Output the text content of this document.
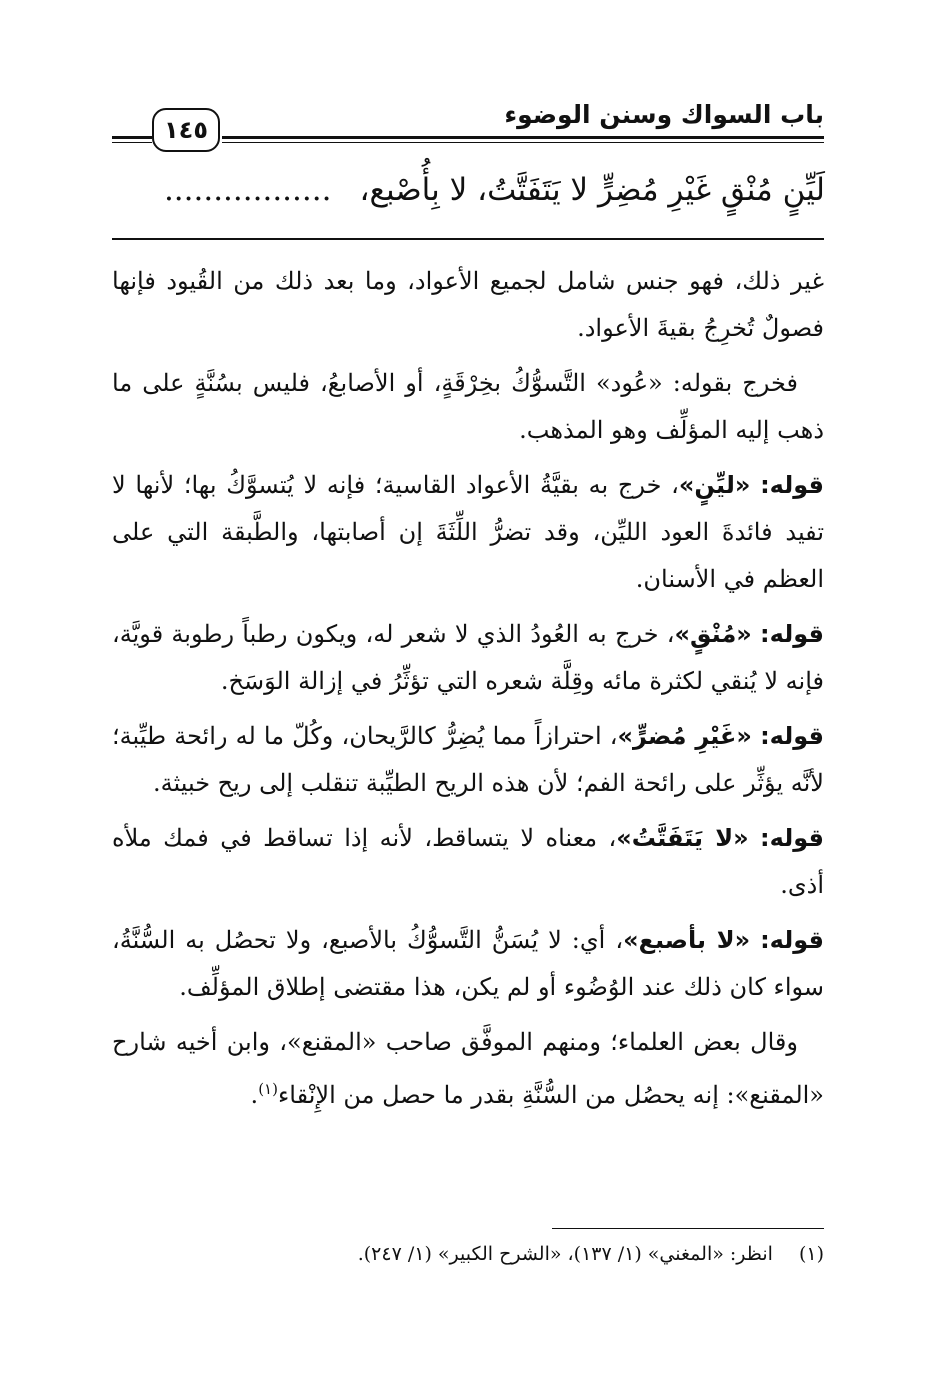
باب السواك وسنن الوضوء
١٤٥
لَيِّنٍ مُنْقٍ غَيْرِ مُضِرٍّ لا يَتَفَتَّتُ، لا بِأُصْبع،.................

غير ذلك، فهو جنس شامل لجميع الأعواد، وما بعد ذلك من القُيود فإنها فصولٌ تُخرِجُ بقيةَ الأعواد.

فخرج بقوله: «عُود» التَّسوُّكُ بخِرْقَةٍ، أو الأصابعُ، فليس بسُنَّةٍ على ما ذهب إليه المؤلِّف وهو المذهب.

قوله: «ليِّنٍ»، خرج به بقيَّةُ الأعواد القاسية؛ فإنه لا يُتسوَّكُ بها؛ لأنها لا تفيد فائدةَ العود الليِّن، وقد تضرُّ اللِّثَةَ إن أصابتها، والطَّبقة التي على العظم في الأسنان.

قوله: «مُنْقٍ»، خرج به العُودُ الذي لا شعر له، ويكون رطباً رطوبة قويَّة، فإنه لا يُنقي لكثرة مائه وقِلَّة شعره التي تؤثِّرُ في إزالة الوَسَخ.

قوله: «غَيْرِ مُضرٍّ»، احترازاً مما يُضِرُّ كالرَّيحان، وكُلّ ما له رائحة طيِّبة؛ لأنَّه يؤثِّر على رائحة الفم؛ لأن هذه الريح الطيِّبة تنقلب إلى ريح خبيثة.

قوله: «لا يَتَفَتَّتُ»، معناه لا يتساقط، لأنه إذا تساقط في فمك ملأه أذى.

قوله: «لا بأصبع»، أي: لا يُسَنُّ التَّسوُّكُ بالأصبع، ولا تحصُل به السُّنَّةُ، سواء كان ذلك عند الوُضُوء أو لم يكن، هذا مقتضى إطلاق المؤلِّف.

وقال بعض العلماء؛ ومنهم الموفَّق صاحب «المقنع»، وابن أخيه شارح «المقنع»: إنه يحصُل من السُّنَّةِ بقدر ما حصل من الإِنْقاء$^{(١)}$.

(١)انظر: «المغني» (١/ ١٣٧)، «الشرح الكبير» (١/ ٢٤٧).
